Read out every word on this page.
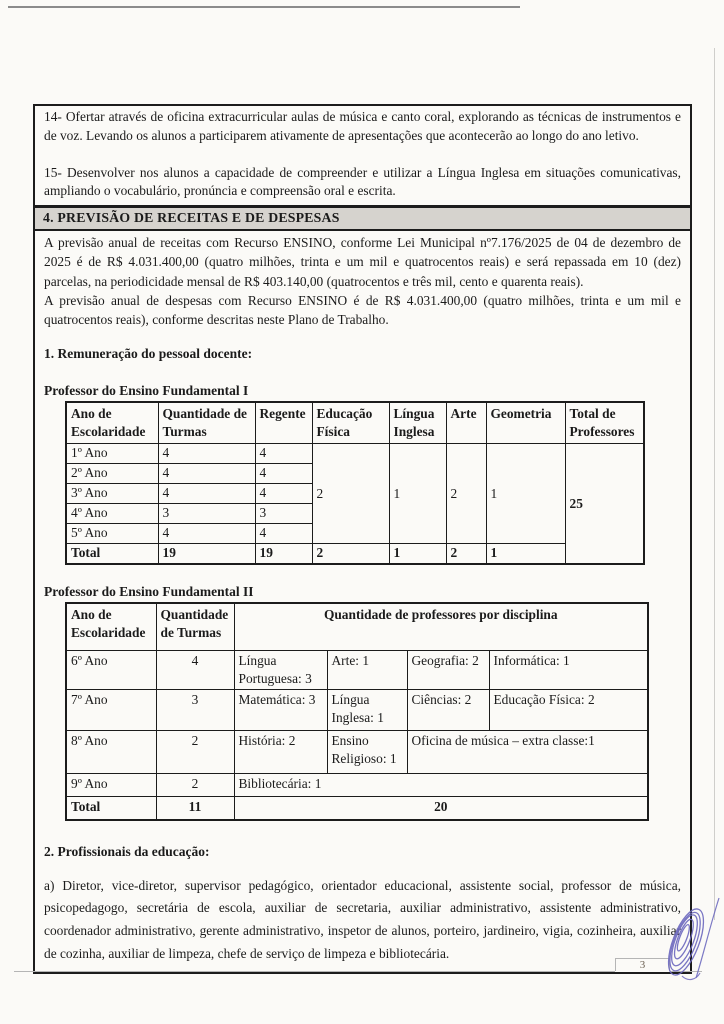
14- Ofertar através de oficina extracurricular aulas de música e canto coral, explorando as técnicas de instrumentos e de voz. Levando os alunos a participarem ativamente de apresentações que acontecerão ao longo do ano letivo.

15- Desenvolver nos alunos a capacidade de compreender e utilizar a Língua Inglesa em situações comunicativas, ampliando o vocabulário, pronúncia e compreensão oral e escrita.

4. PREVISÃO DE RECEITAS E DE DESPESAS

A previsão anual de receitas com Recurso ENSINO, conforme Lei Municipal nº7.176/2025 de 04 de dezembro de 2025 é de R$ 4.031.400,00 (quatro milhões, trinta e um mil e quatrocentos reais) e será repassada em 10 (dez) parcelas, na periodicidade mensal de R$ 403.140,00 (quatrocentos e três mil, cento e quarenta reais).

A previsão anual de despesas com Recurso ENSINO é de R$ 4.031.400,00 (quatro milhões, trinta e um mil e quatrocentos reais), conforme descritas neste Plano de Trabalho.

1. Remuneração do pessoal docente:

Professor do Ensino Fundamental I

Ano de Escolaridade	Quantidade de Turmas	Regente	Educação Física	Língua Inglesa	Arte	Geometria	Total de Professores
1º Ano	4	4	2	1	2	1	25
2º Ano	4	4					
3º Ano	4	4					
4º Ano	3	3					
5º Ano	4	4					
Total	19	19	2	1	2	1	

Professor do Ensino Fundamental II

Ano de Escolaridade	Quantidade de Turmas	Quantidade de professores por disciplina			
6º Ano	4	Língua Portuguesa: 3	Arte: 1	Geografia: 2	Informática: 1
7º Ano	3	Matemática: 3	Língua Inglesa: 1	Ciências: 2	Educação Física: 2
8º Ano	2	História: 2	Ensino Religioso: 1	Oficina de música – extra classe:1	
9º Ano	2	Bibliotecária: 1			
Total	11	20			

2. Profissionais da educação:

a) Diretor, vice-diretor, supervisor pedagógico, orientador educacional, assistente social, professor de música, psicopedagogo, secretária de escola, auxiliar de secretaria, auxiliar administrativo, assistente administrativo, coordenador administrativo, gerente administrativo, inspetor de alunos, porteiro, jardineiro, vigia, cozinheira, auxiliar de cozinha, auxiliar de limpeza, chefe de serviço de limpeza e bibliotecária.

3
